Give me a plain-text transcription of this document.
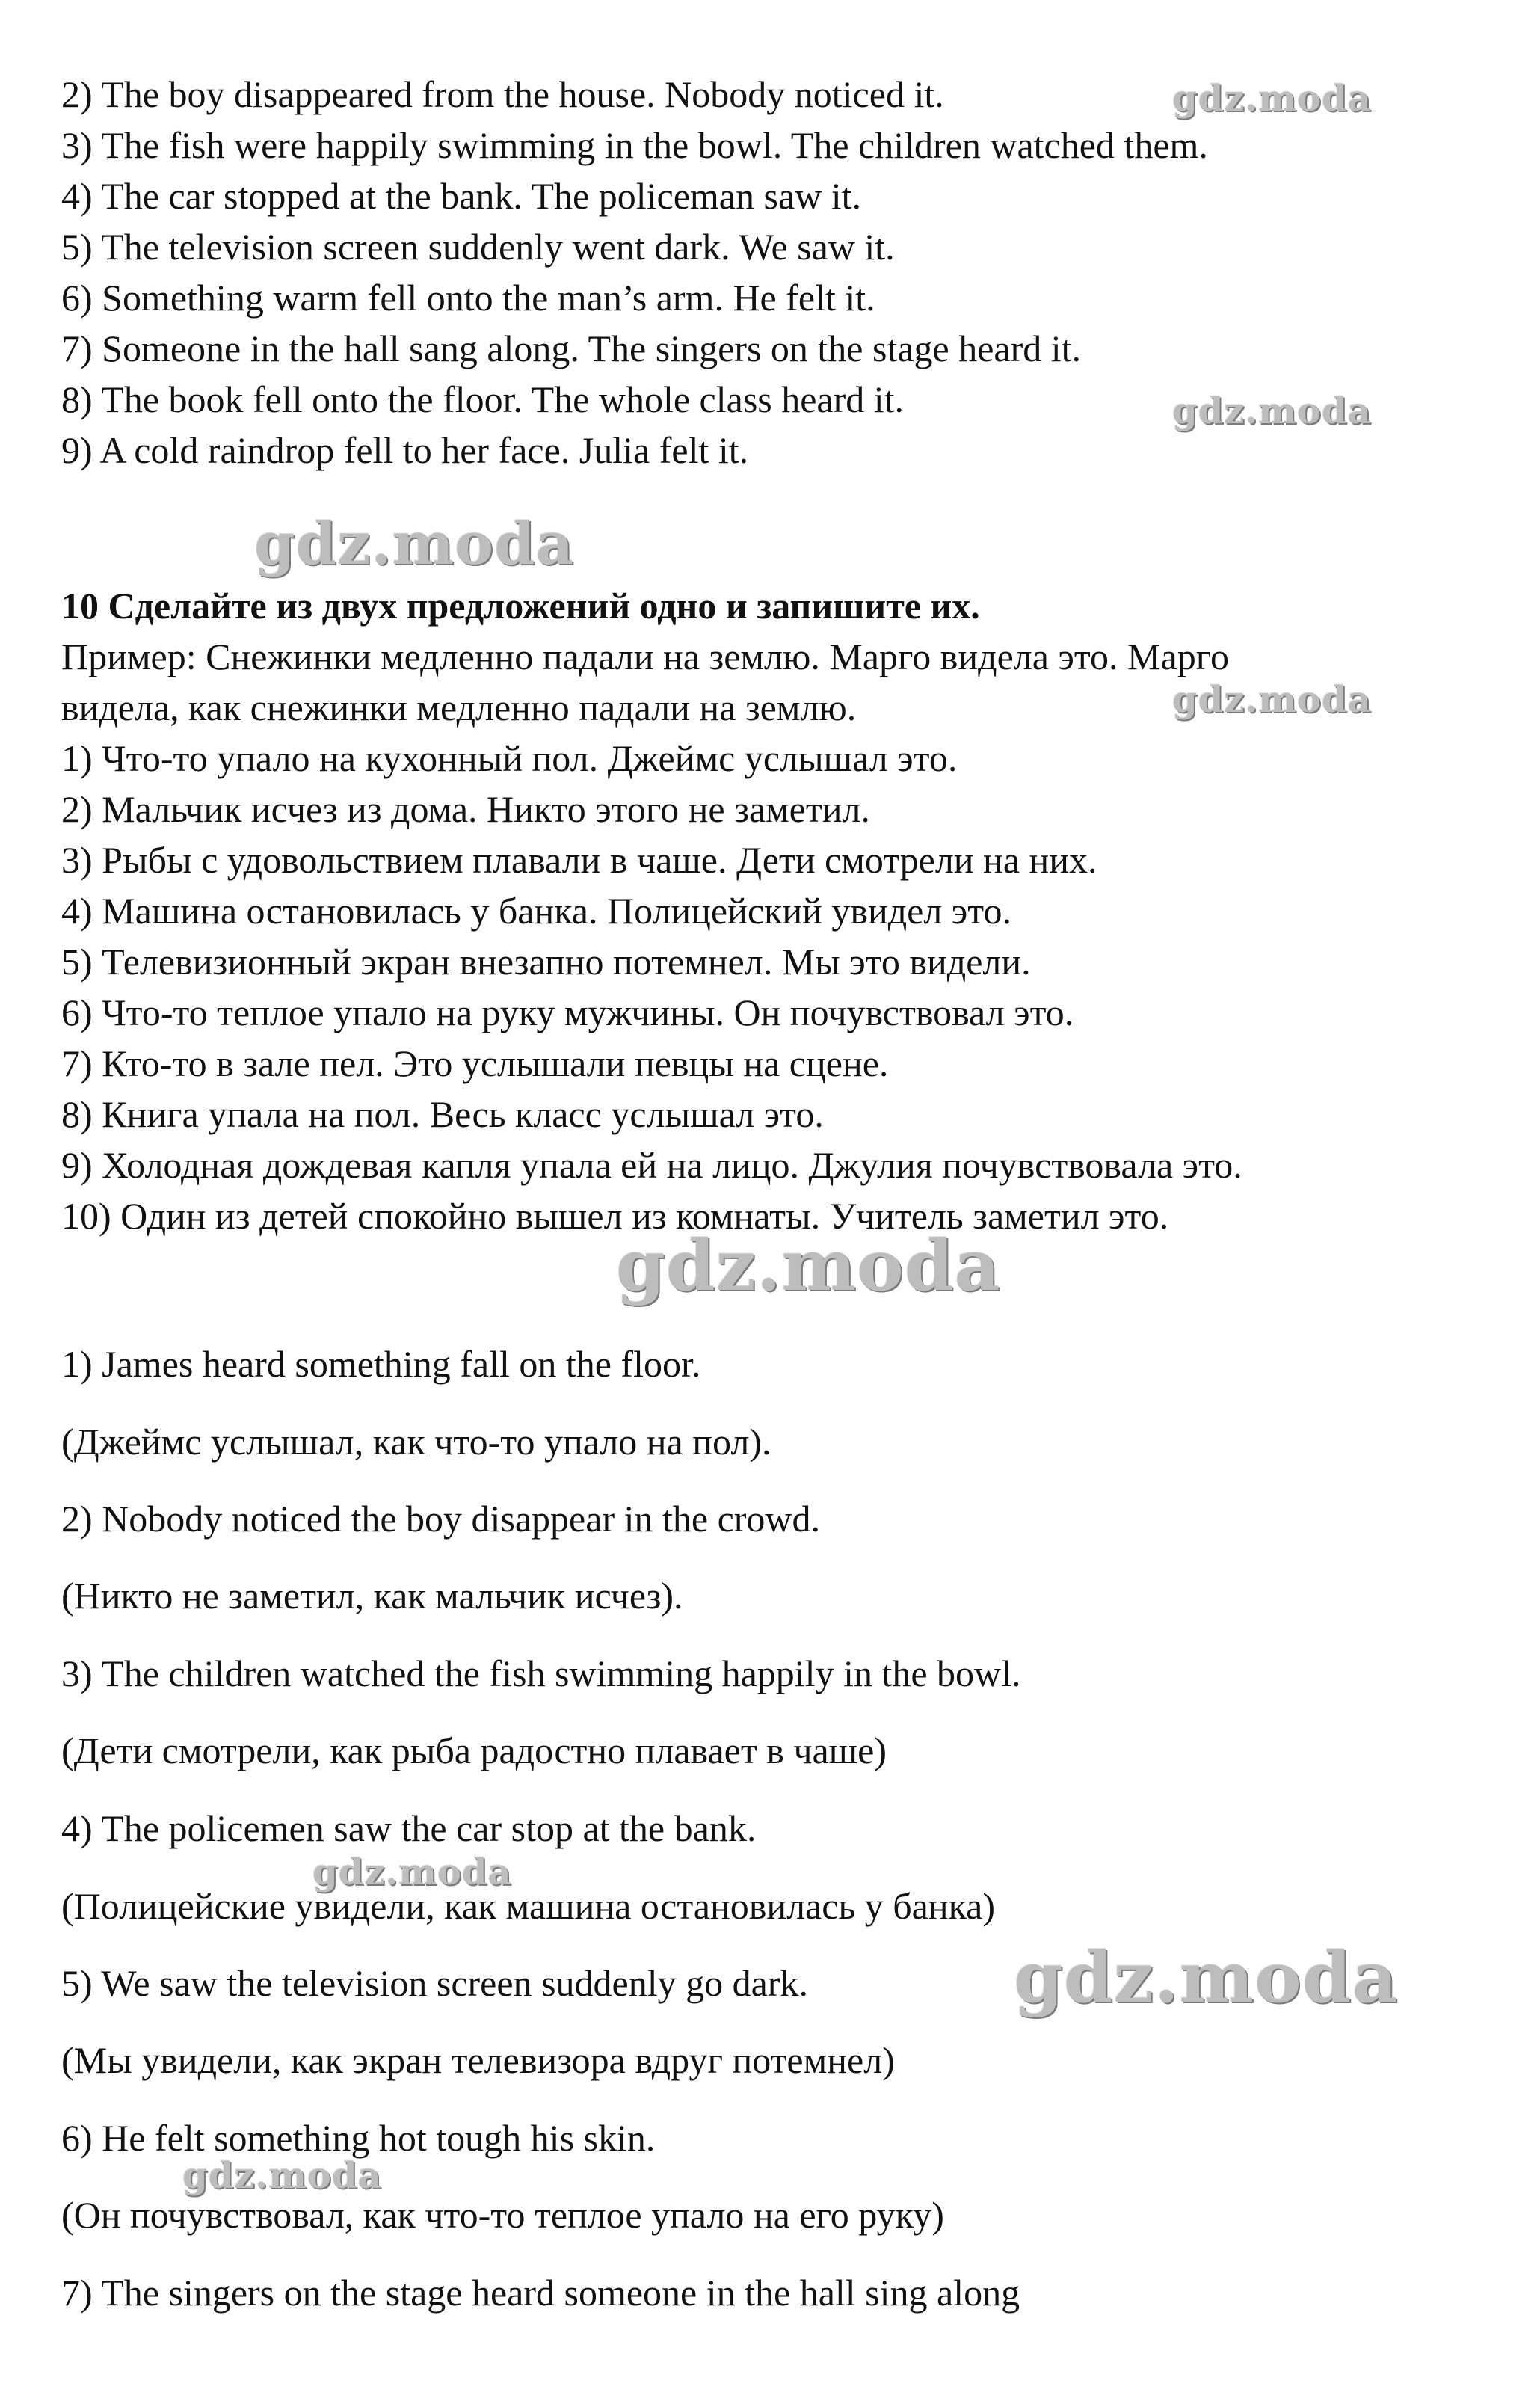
2) The boy disappeared from the house. Nobody noticed it.
3) The fish were happily swimming in the bowl. The children watched them.
4) The car stopped at the bank. The policeman saw it.
5) The television screen suddenly went dark. We saw it.
6) Something warm fell onto the man’s arm. He felt it.
7) Someone in the hall sang along. The singers on the stage heard it.
8) The book fell onto the floor. The whole class heard it.
9) A cold raindrop fell to her face. Julia felt it.
10 Сделайте из двух предложений одно и запишите их.
Пример: Снежинки медленно падали на землю. Марго видела это. Марго
видела, как снежинки медленно падали на землю.
1) Что-то упало на кухонный пол. Джеймс услышал это.
2) Мальчик исчез из дома. Никто этого не заметил.
3) Рыбы с удовольствием плавали в чаше. Дети смотрели на них.
4) Машина остановилась у банка. Полицейский увидел это.
5) Телевизионный экран внезапно потемнел. Мы это видели.
6) Что-то теплое упало на руку мужчины. Он почувствовал это.
7) Кто-то в зале пел. Это услышали певцы на сцене.
8) Книга упала на пол. Весь класс услышал это.
9) Холодная дождевая капля упала ей на лицо. Джулия почувствовала это.
10) Один из детей спокойно вышел из комнаты. Учитель заметил это.
1) James heard something fall on the floor.
(Джеймс услышал, как что-то упало на пол).
2) Nobody noticed the boy disappear in the crowd.
(Никто не заметил, как мальчик исчез).
3) The children watched the fish swimming happily in the bowl.
(Дети смотрели, как рыба радостно плавает в чаше)
4) The policemen saw the car stop at the bank.
(Полицейские увидели, как машина остановилась у банка)
5) We saw the television screen suddenly go dark.
(Мы увидели, как экран телевизора вдруг потемнел)
6) He felt something hot tough his skin.
(Он почувствовал, как что-то теплое упало на его руку)
7) The singers on the stage heard someone in the hall sing along
gdz.moda
gdz.moda
gdz.moda
gdz.moda
gdz.moda
gdz.moda
gdz.moda
gdz.moda
